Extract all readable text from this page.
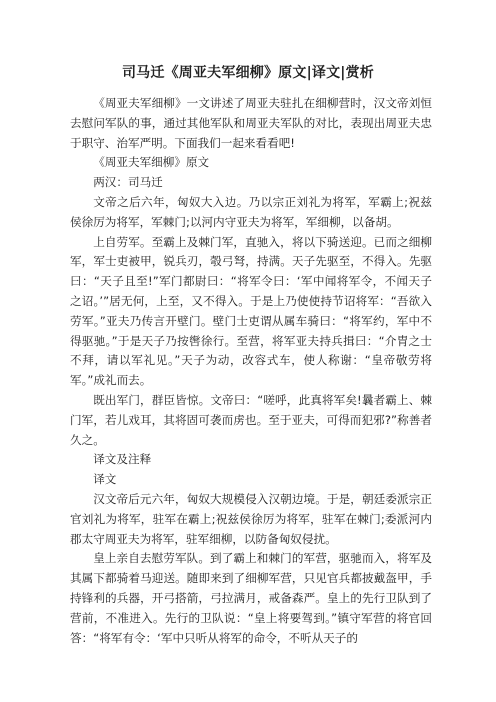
司马迁《周亚夫军细柳》原文|译文|赏析

《周亚夫军细柳》一文讲述了周亚夫驻扎在细柳营时，汉文帝刘恒去慰问军队的事，通过其他军队和周亚夫军队的对比，表现出周亚夫忠于职守、治军严明。下面我们一起来看看吧!

《周亚夫军细柳》原文

两汉：司马迁

文帝之后六年，匈奴大入边。乃以宗正刘礼为将军，军霸上;祝兹侯徐厉为将军，军棘门;以河内守亚夫为将军，军细柳，以备胡。

上自劳军。至霸上及棘门军，直驰入，将以下骑送迎。已而之细柳军，军士吏被甲，锐兵刃，彀弓弩，持满。天子先驱至，不得入。先驱曰：“天子且至!”军门都尉曰：“将军令曰：‘军中闻将军令，不闻天子之诏。’”居无何，上至，又不得入。于是上乃使使持节诏将军：“吾欲入劳军。”亚夫乃传言开壁门。壁门士吏谓从属车骑曰：“将军约，军中不得驱驰。”于是天子乃按辔徐行。至营，将军亚夫持兵揖曰：“介胄之士不拜，请以军礼见。”天子为动，改容式车，使人称谢：“皇帝敬劳将军。”成礼而去。

既出军门，群臣皆惊。文帝曰：“嗟呼，此真将军矣!曩者霸上、棘门军，若儿戏耳，其将固可袭而虏也。至于亚夫，可得而犯邪?”称善者久之。

译文及注释

译文

汉文帝后元六年，匈奴大规模侵入汉朝边境。于是，朝廷委派宗正官刘礼为将军，驻军在霸上;祝兹侯徐厉为将军，驻军在棘门;委派河内郡太守周亚夫为将军，驻军细柳，以防备匈奴侵扰。

皇上亲自去慰劳军队。到了霸上和棘门的军营，驱驰而入，将军及其属下都骑着马迎送。随即来到了细柳军营，只见官兵都披戴盔甲，手持锋利的兵器，开弓搭箭，弓拉满月，戒备森严。皇上的先行卫队到了营前，不准进入。先行的卫队说：“皇上将要驾到。”镇守军营的将官回答：“将军有令：‘军中只听从将军的命令，不听从天子的
